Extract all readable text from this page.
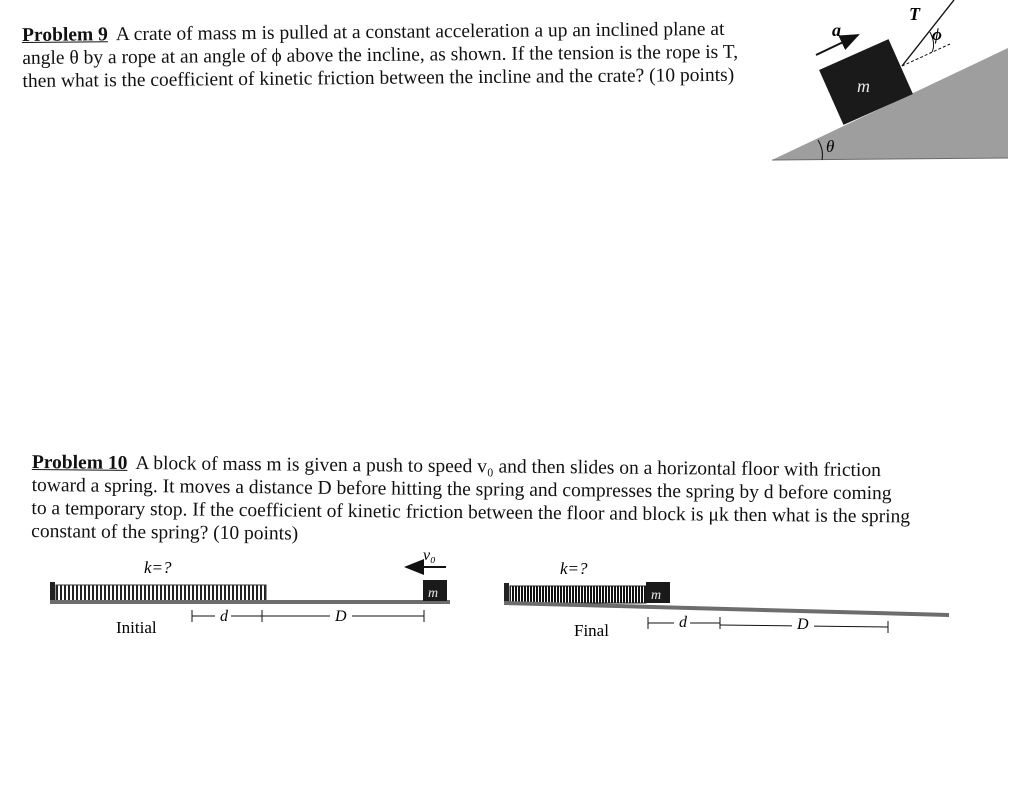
Problem 9 A crate of mass m is pulled at a constant acceleration a up an inclined plane at
angle θ by a rope at an angle of ϕ above the incline, as shown. If the tension is the rope is T,
then what is the coefficient of kinetic friction between the incline and the crate? (10 points)
a
m
T
ϕ
θ
Problem 10 A block of mass m is given a push to speed v₀ and then slides on a horizontal floor with friction
toward a spring. It moves a distance D before hitting the spring and compresses the spring by d before coming
to a temporary stop. If the coefficient of kinetic friction between the floor and block is μk then what is the spring
constant of the spring? (10 points)
k=?
v₀
m
d	D
Initial
k=?
m
d	D
Final
